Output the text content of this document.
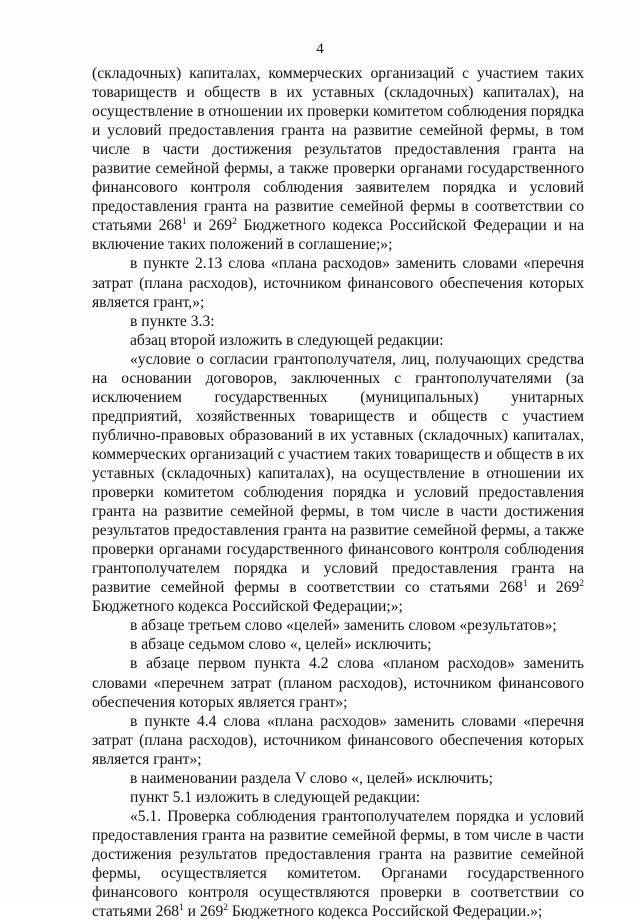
4

(складочных) капиталах, коммерческих организаций с участием таких товариществ и обществ в их уставных (складочных) капиталах), на осуществление в отношении их проверки комитетом соблюдения порядка и условий предоставления гранта на развитие семейной фермы, в том числе в части достижения результатов предоставления гранта на развитие семейной фермы, а также проверки органами государственного финансового контроля соблюдения заявителем порядка и условий предоставления гранта на развитие семейной фермы в соответствии со статьями $268^1$ и $269^2$ Бюджетного кодекса Российской Федерации и на включение таких положений в соглашение;»;

в пункте 2.13 слова «плана расходов» заменить словами «перечня затрат (плана расходов), источником финансового обеспечения которых является грант,»;

в пункте 3.3:

абзац второй изложить в следующей редакции:

«условие о согласии грантополучателя, лиц, получающих средства на основании договоров, заключенных с грантополучателями (за исключением государственных (муниципальных) унитарных предприятий, хозяйственных товариществ и обществ с участием публично-правовых образований в их уставных (складочных) капиталах, коммерческих организаций с участием таких товариществ и обществ в их уставных (складочных) капиталах), на осуществление в отношении их проверки комитетом соблюдения порядка и условий предоставления гранта на развитие семейной фермы, в том числе в части достижения результатов предоставления гранта на развитие семейной фермы, а также проверки органами государственного финансового контроля соблюдения грантополучателем порядка и условий предоставления гранта на развитие семейной фермы в соответствии со статьями $268^1$ и $269^2$ Бюджетного кодекса Российской Федерации;»;

в абзаце третьем слово «целей» заменить словом «результатов»;

в абзаце седьмом слово «, целей» исключить;

в абзаце первом пункта 4.2 слова «планом расходов» заменить словами «перечнем затрат (планом расходов), источником финансового обеспечения которых является грант»;

в пункте 4.4 слова «плана расходов» заменить словами «перечня затрат (плана расходов), источником финансового обеспечения которых является грант»;

в наименовании раздела V слово «, целей» исключить;

пункт 5.1 изложить в следующей редакции:

«5.1. Проверка соблюдения грантополучателем порядка и условий предоставления гранта на развитие семейной фермы, в том числе в части достижения результатов предоставления гранта на развитие семейной фермы, осуществляется комитетом. Органами государственного финансового контроля осуществляются проверки в соответствии со статьями $268^1$ и $269^2$ Бюджетного кодекса Российской Федерации.»;
